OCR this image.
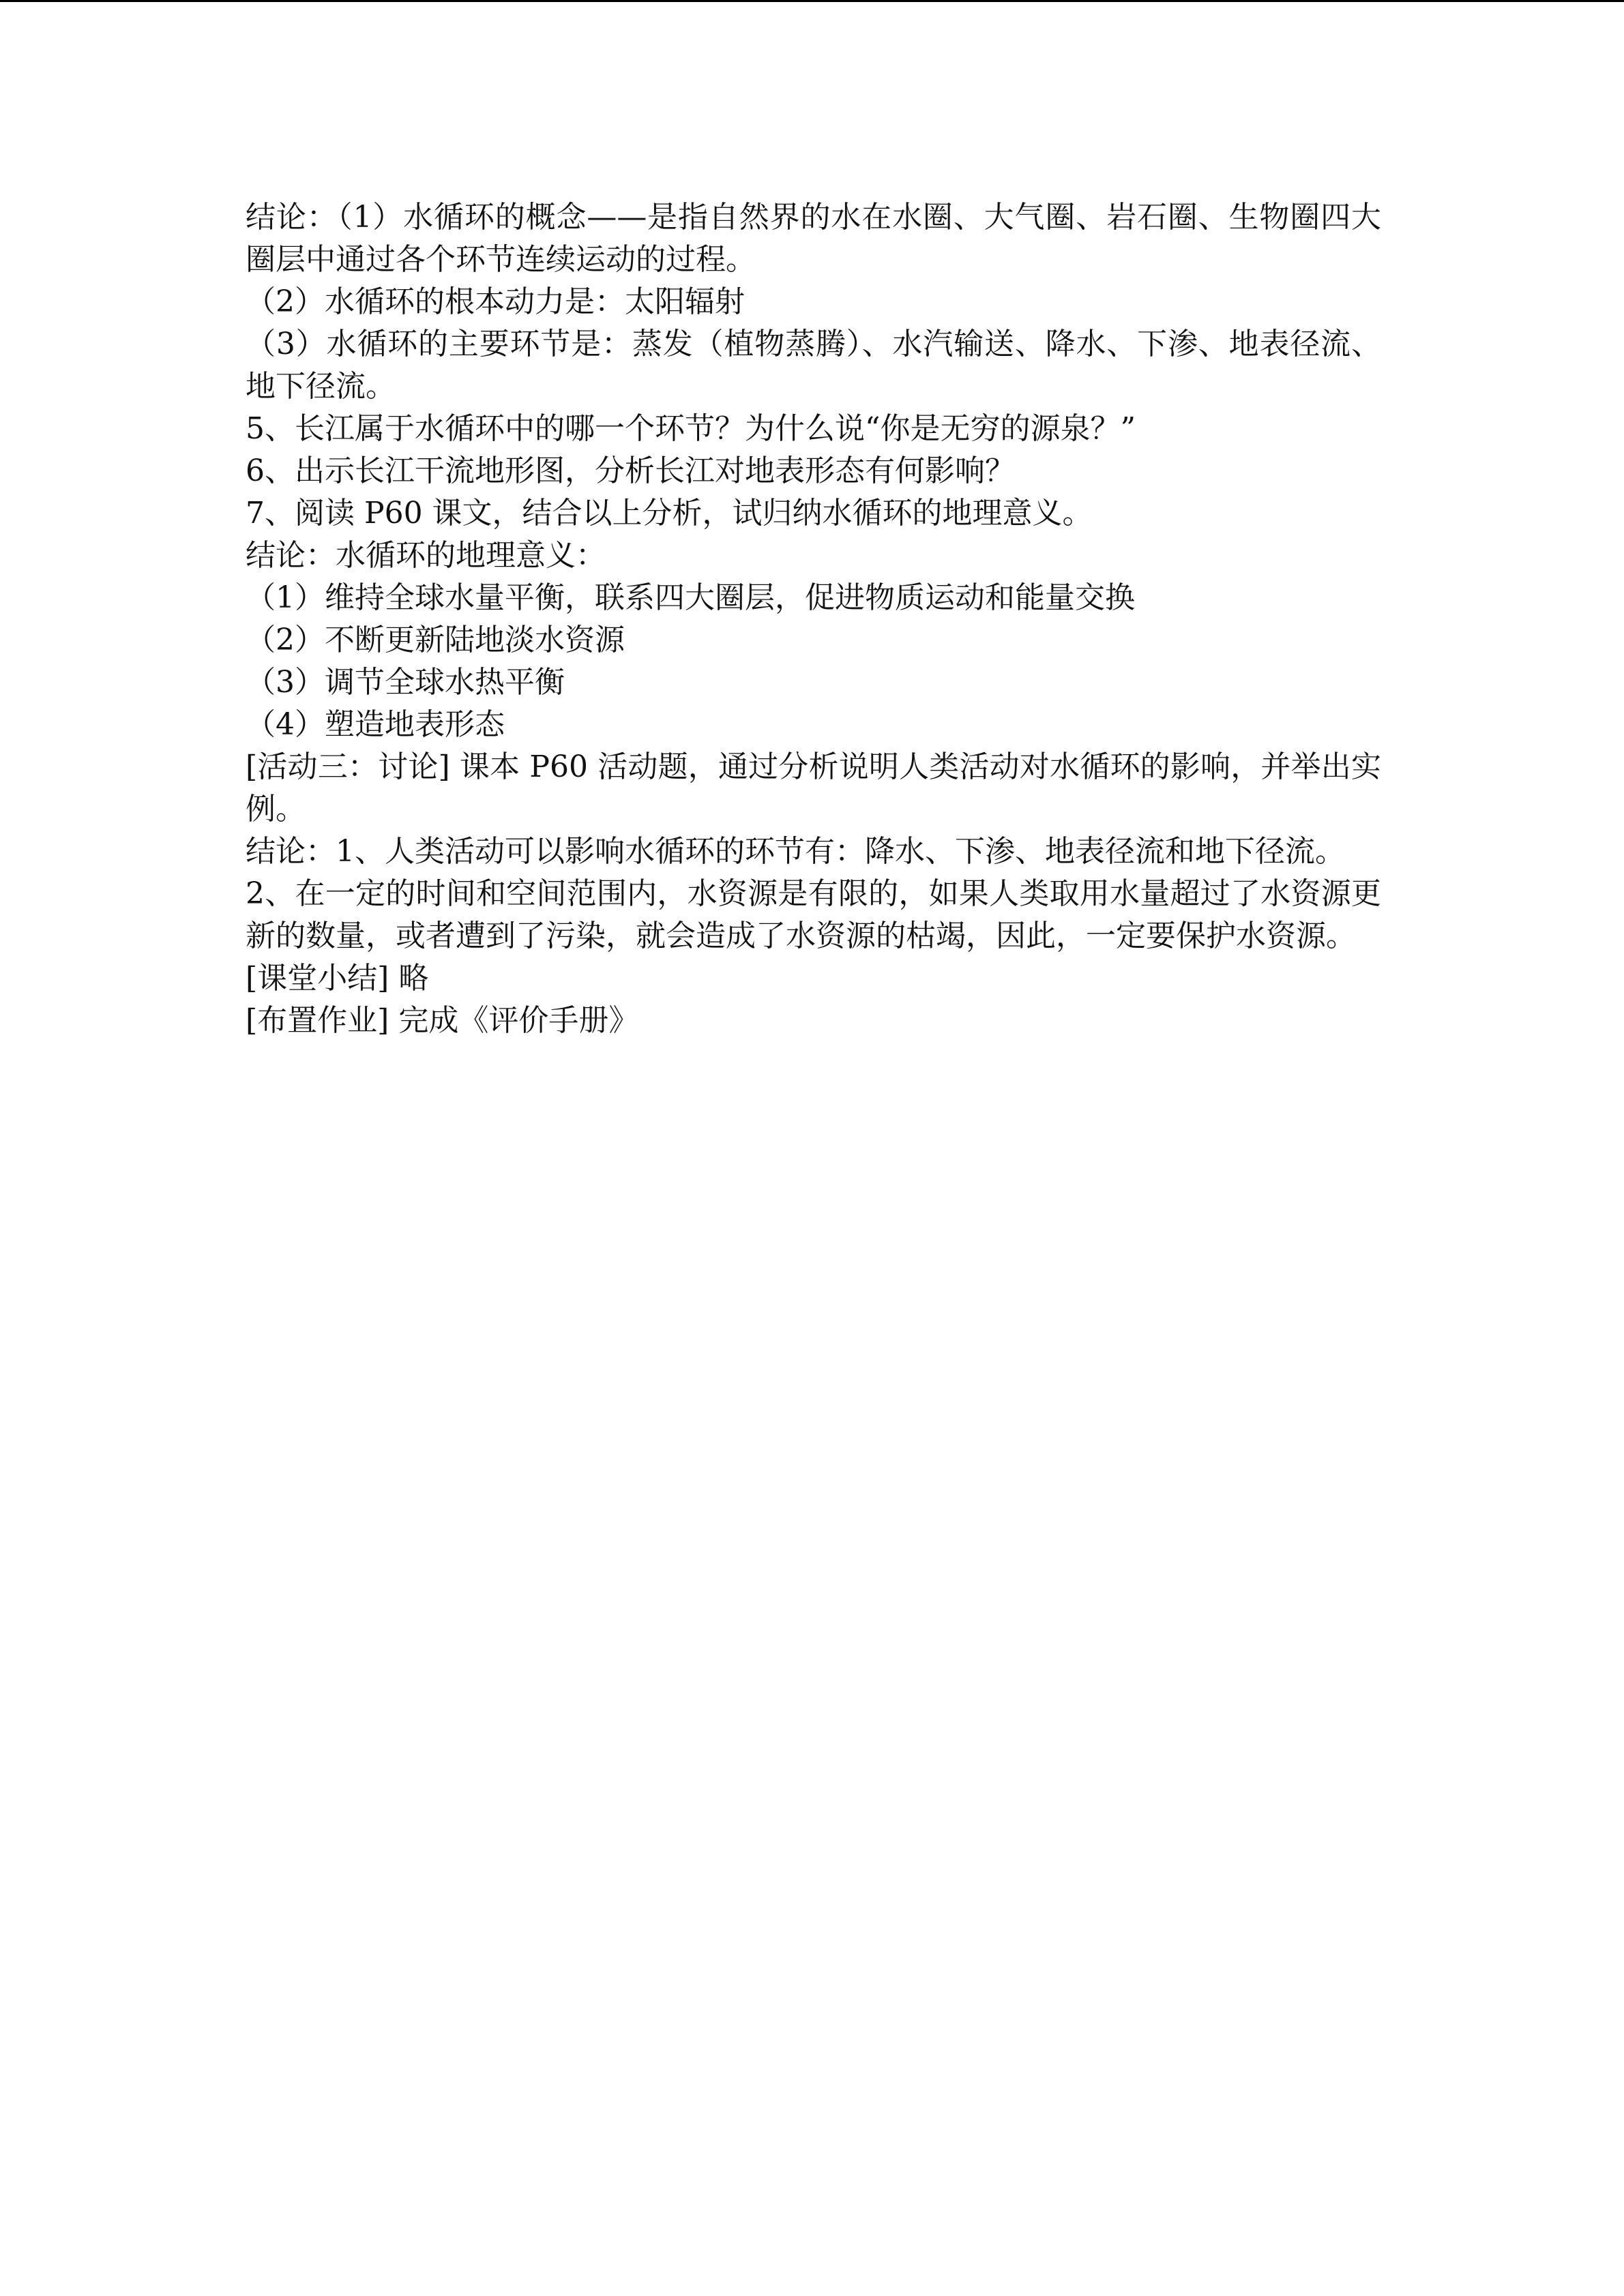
结论：（1）水循环的概念——是指自然界的水在水圈、大气圈、岩石圈、生物圈四大圈层中通过各个环节连续运动的过程。

（2）水循环的根本动力是：太阳辐射

（3）水循环的主要环节是：蒸发（植物蒸腾）、水汽输送、降水、下渗、地表径流、地下径流。

5、长江属于水循环中的哪一个环节？为什么说“你是无穷的源泉？”

6、出示长江干流地形图，分析长江对地表形态有何影响？

7、阅读 P60 课文，结合以上分析，试归纳水循环的地理意义。

结论：水循环的地理意义：

（1）维持全球水量平衡，联系四大圈层，促进物质运动和能量交换

（2）不断更新陆地淡水资源

（3）调节全球水热平衡

（4）塑造地表形态

[活动三：讨论] 课本 P60 活动题，通过分析说明人类活动对水循环的影响，并举出实例。

结论：1、人类活动可以影响水循环的环节有：降水、下渗、地表径流和地下径流。

2、在一定的时间和空间范围内，水资源是有限的，如果人类取用水量超过了水资源更新的数量，或者遭到了污染，就会造成了水资源的枯竭，因此，一定要保护水资源。

[课堂小结] 略

[布置作业] 完成《评价手册》
